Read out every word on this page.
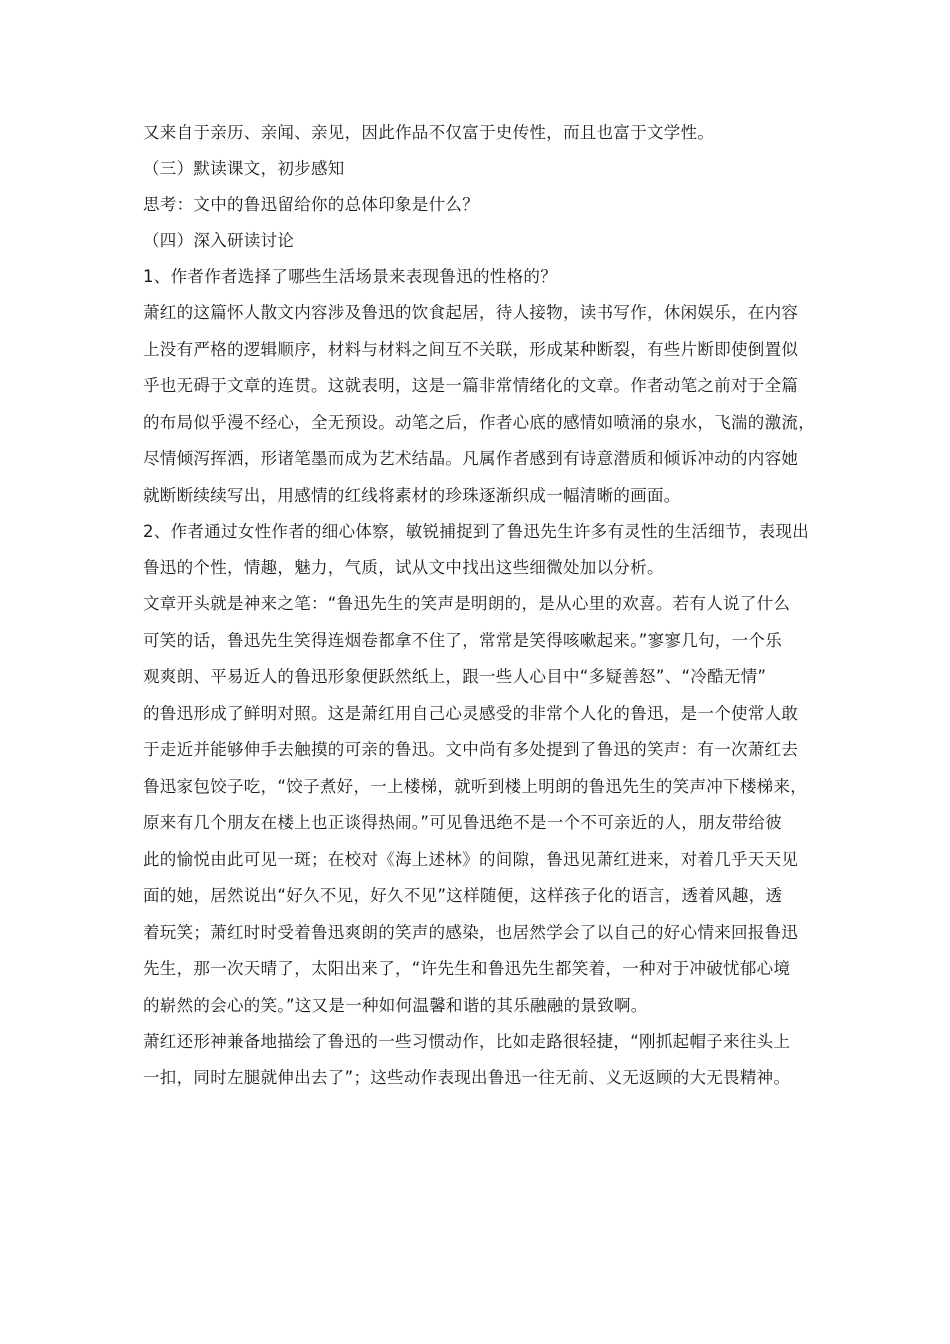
又来自于亲历、亲闻、亲见，因此作品不仅富于史传性，而且也富于文学性。
（三）默读课文，初步感知
思考：文中的鲁迅留给你的总体印象是什么？
（四）深入研读讨论
1、作者作者选择了哪些生活场景来表现鲁迅的性格的？
萧红的这篇怀人散文内容涉及鲁迅的饮食起居，待人接物，读书写作，休闲娱乐，在内容
上没有严格的逻辑顺序，材料与材料之间互不关联，形成某种断裂，有些片断即使倒置似
乎也无碍于文章的连贯。这就表明，这是一篇非常情绪化的文章。作者动笔之前对于全篇
的布局似乎漫不经心，全无预设。动笔之后，作者心底的感情如喷涌的泉水，飞湍的激流，
尽情倾泻挥洒，形诸笔墨而成为艺术结晶。凡属作者感到有诗意潜质和倾诉冲动的内容她
就断断续续写出，用感情的红线将素材的珍珠逐渐织成一幅清晰的画面。
2、作者通过女性作者的细心体察，敏锐捕捉到了鲁迅先生许多有灵性的生活细节，表现出
鲁迅的个性，情趣，魅力，气质，试从文中找出这些细微处加以分析。
文章开头就是神来之笔：“鲁迅先生的笑声是明朗的，是从心里的欢喜。若有人说了什么
可笑的话，鲁迅先生笑得连烟卷都拿不住了，常常是笑得咳嗽起来。”寥寥几句，一个乐
观爽朗、平易近人的鲁迅形象便跃然纸上，跟一些人心目中“多疑善怒”、“冷酷无情”
的鲁迅形成了鲜明对照。这是萧红用自己心灵感受的非常个人化的鲁迅，是一个使常人敢
于走近并能够伸手去触摸的可亲的鲁迅。文中尚有多处提到了鲁迅的笑声：有一次萧红去
鲁迅家包饺子吃，“饺子煮好，一上楼梯，就听到楼上明朗的鲁迅先生的笑声冲下楼梯来，
原来有几个朋友在楼上也正谈得热闹。”可见鲁迅绝不是一个不可亲近的人，朋友带给彼
此的愉悦由此可见一斑；在校对《海上述林》的间隙，鲁迅见萧红进来，对着几乎天天见
面的她，居然说出“好久不见，好久不见”这样随便，这样孩子化的语言，透着风趣，透
着玩笑；萧红时时受着鲁迅爽朗的笑声的感染，也居然学会了以自己的好心情来回报鲁迅
先生，那一次天晴了，太阳出来了，“许先生和鲁迅先生都笑着，一种对于冲破忧郁心境
的崭然的会心的笑。”这又是一种如何温馨和谐的其乐融融的景致啊。
萧红还形神兼备地描绘了鲁迅的一些习惯动作，比如走路很轻捷，“刚抓起帽子来往头上
一扣，同时左腿就伸出去了”；这些动作表现出鲁迅一往无前、义无返顾的大无畏精神。
